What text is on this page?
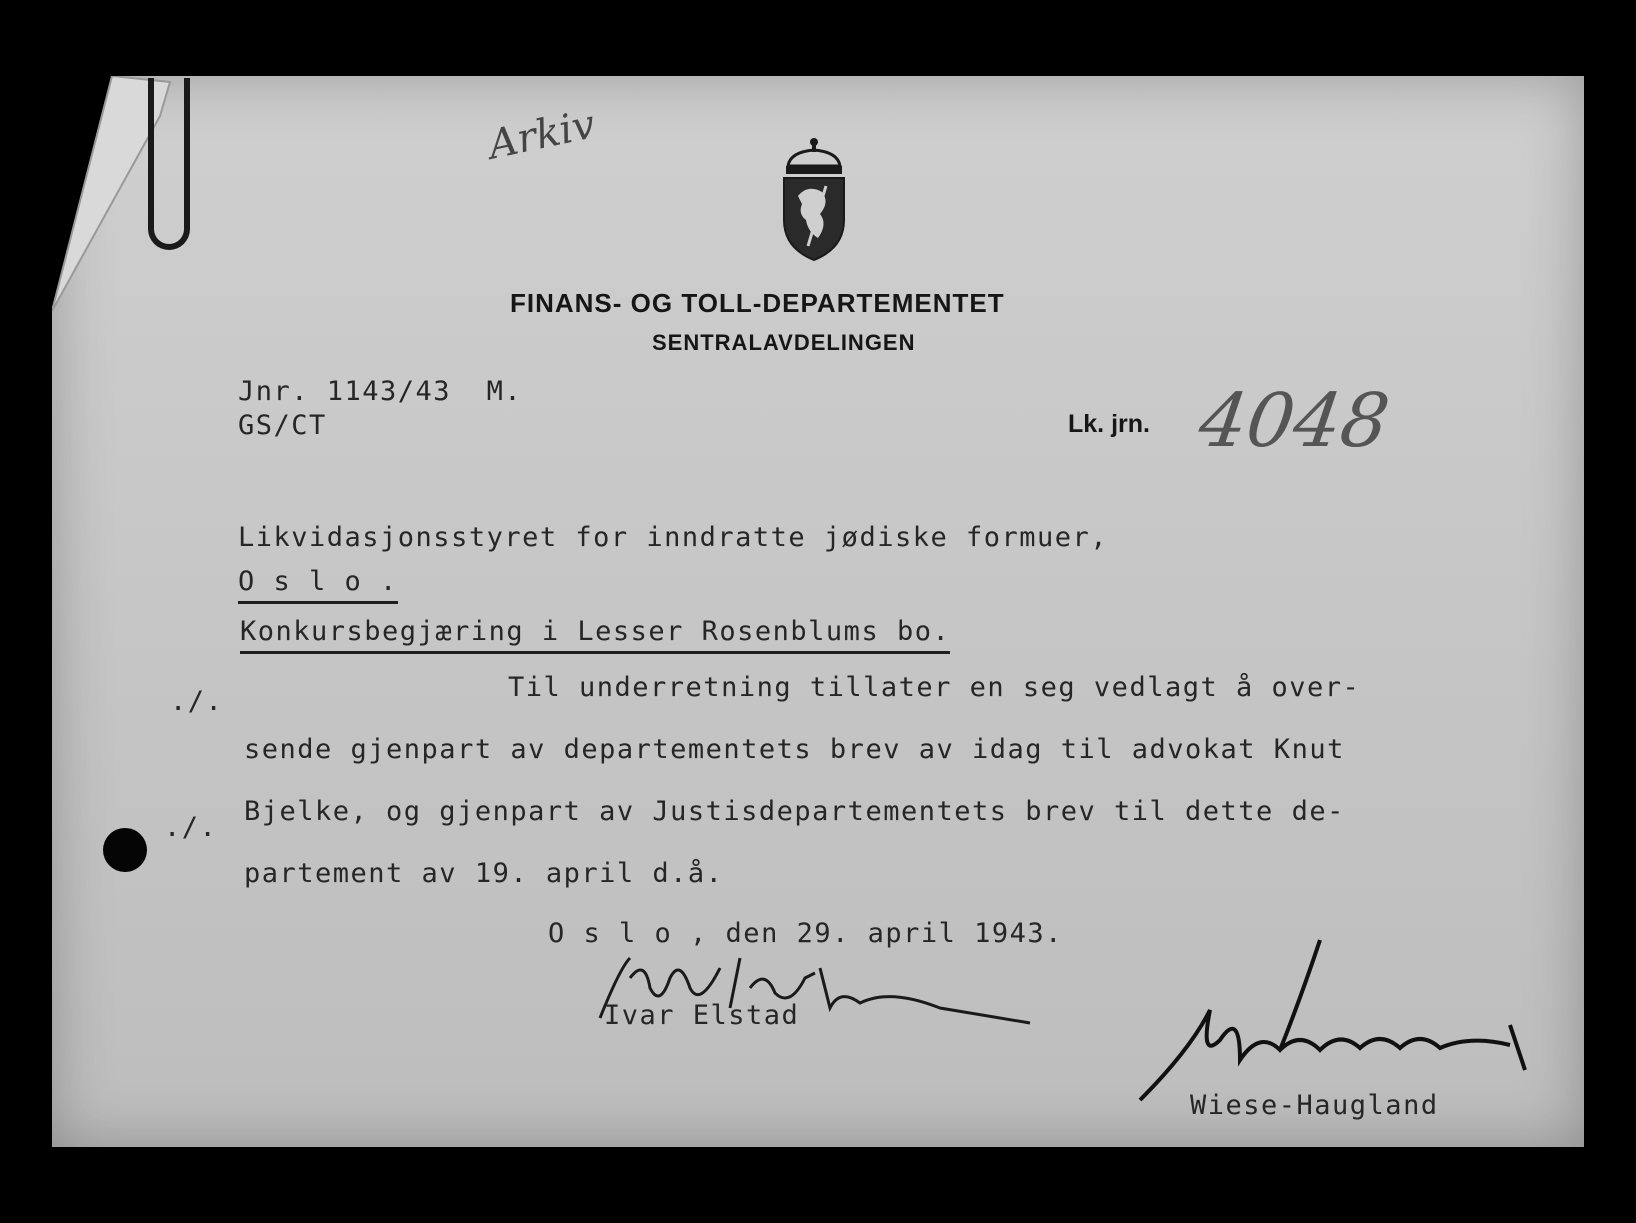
Arkiv
FINANS- OG TOLL-DEPARTEMENTET
SENTRALAVDELINGEN
Jnr. 1143/43  M.
GS/CT	Lk. jrn. 4048
Likvidasjonsstyret for inndratte jødiske formuer,
O s l o .
Konkursbegjæring i Lesser Rosenblums bo.
./.
./.
Til underretning tillater en seg vedlagt å over-
sende gjenpart av departementets brev av idag til advokat Knut
Bjelke, og gjenpart av Justisdepartementets brev til dette de-
partement av 19. april d.å.
O s l o , den 29. april 1943.
Ivar Elstad
Wiese-Haugland
